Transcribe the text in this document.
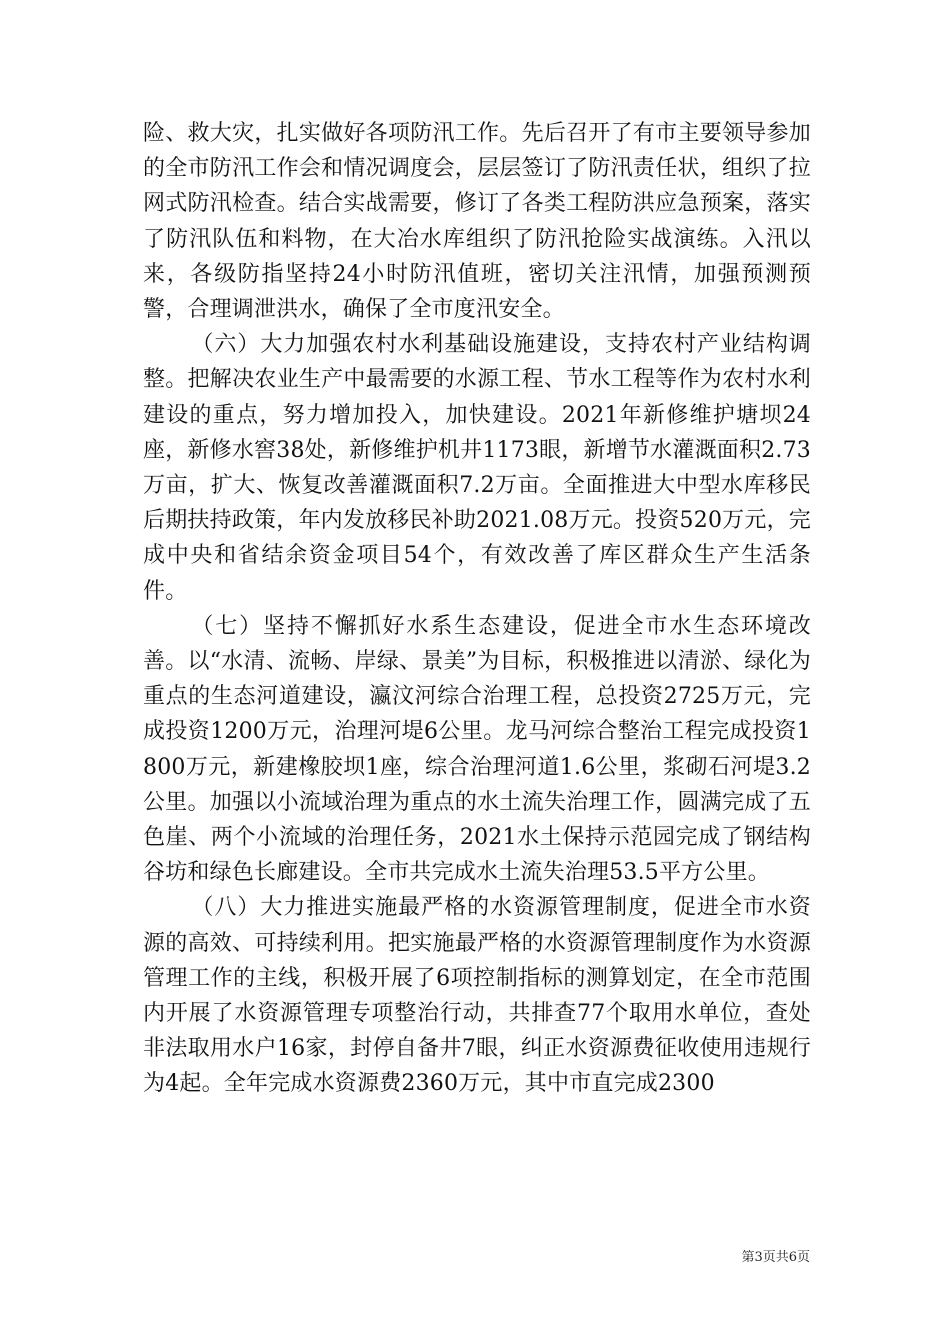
险、救大灾，扎实做好各项防汛工作。先后召开了有市主要领导参加的全市防汛工作会和情况调度会，层层签订了防汛责任状，组织了拉网式防汛检查。结合实战需要，修订了各类工程防洪应急预案，落实了防汛队伍和料物，在大冶水库组织了防汛抢险实战演练。入汛以来，各级防指坚持24小时防汛值班，密切关注汛情，加强预测预警，合理调泄洪水，确保了全市度汛安全。

（六）大力加强农村水利基础设施建设，支持农村产业结构调整。把解决农业生产中最需要的水源工程、节水工程等作为农村水利建设的重点，努力增加投入，加快建设。2021年新修维护塘坝24座，新修水窖38处，新修维护机井1173眼，新增节水灌溉面积2.73万亩，扩大、恢复改善灌溉面积7.2万亩。全面推进大中型水库移民后期扶持政策，年内发放移民补助2021.08万元。投资520万元，完成中央和省结余资金项目54个，有效改善了库区群众生产生活条件。

（七）坚持不懈抓好水系生态建设，促进全市水生态环境改善。以“水清、流畅、岸绿、景美”为目标，积极推进以清淤、绿化为重点的生态河道建设，瀛汶河综合治理工程，总投资2725万元，完成投资1200万元，治理河堤6公里。龙马河综合整治工程完成投资1800万元，新建橡胶坝1座，综合治理河道1.6公里，浆砌石河堤3.2公里。加强以小流域治理为重点的水土流失治理工作，圆满完成了五色崖、两个小流域的治理任务，2021水土保持示范园完成了钢结构谷坊和绿色长廊建设。全市共完成水土流失治理53.5平方公里。

（八）大力推进实施最严格的水资源管理制度，促进全市水资源的高效、可持续利用。把实施最严格的水资源管理制度作为水资源管理工作的主线，积极开展了6项控制指标的测算划定，在全市范围内开展了水资源管理专项整治行动，共排查77个取用水单位，查处非法取用水户16家，封停自备井7眼，纠正水资源费征收使用违规行为4起。全年完成水资源费2360万元，其中市直完成2300

第3页共6页
